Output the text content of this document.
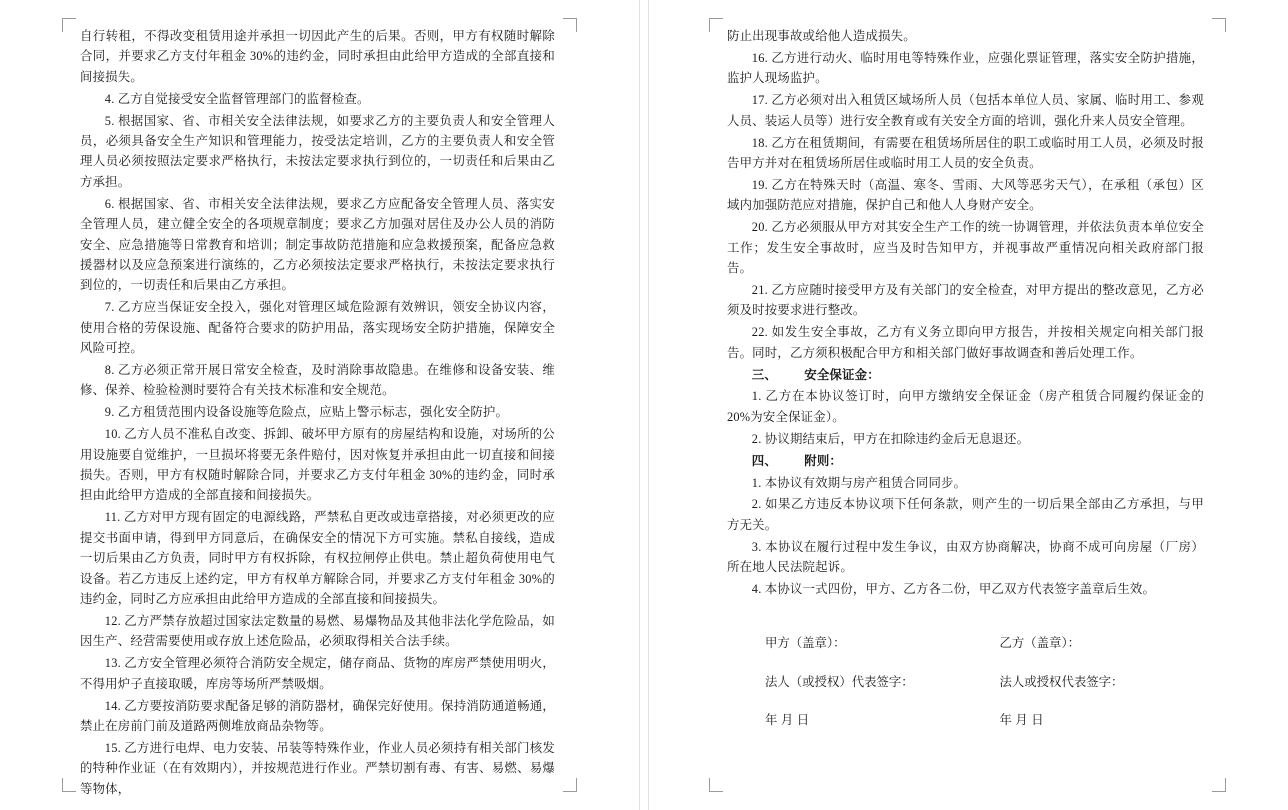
自行转租，不得改变租赁用途并承担一切因此产生的后果。否则，甲方有权随时解除合同，并要求乙方支付年租金 30%的违约金，同时承担由此给甲方造成的全部直接和间接损失。

4. 乙方自觉接受安全监督管理部门的监督检查。

5. 根据国家、省、市相关安全法律法规，如要求乙方的主要负责人和安全管理人员，必须具备安全生产知识和管理能力，按受法定培训，乙方的主要负责人和安全管理人员必须按照法定要求严格执行，未按法定要求执行到位的，一切责任和后果由乙方承担。

6. 根据国家、省、市相关安全法律法规，要求乙方应配备安全管理人员、落实安全管理人员，建立健全安全的各项规章制度；要求乙方加强对居住及办公人员的消防安全、应急措施等日常教育和培训；制定事故防范措施和应急救援预案，配备应急救援器材以及应急预案进行演练的，乙方必须按法定要求严格执行，未按法定要求执行到位的，一切责任和后果由乙方承担。

7. 乙方应当保证安全投入，强化对管理区域危险源有效辨识，领安全协议内容，使用合格的劳保设施、配备符合要求的防护用品，落实现场安全防护措施，保障安全风险可控。

8. 乙方必须正常开展日常安全检查，及时消除事故隐患。在维修和设备安装、维修、保养、检验检测时要符合有关技术标准和安全规范。

9. 乙方租赁范围内设备设施等危险点，应贴上警示标志，强化安全防护。

10. 乙方人员不准私自改变、拆卸、破坏甲方原有的房屋结构和设施，对场所的公用设施要自觉维护，一旦损坏将要无条件赔付，因对恢复并承担由此一切直接和间接损失。否则，甲方有权随时解除合同，并要求乙方支付年租金 30%的违约金，同时承担由此给甲方造成的全部直接和间接损失。

11. 乙方对甲方现有固定的电源线路，严禁私自更改或违章搭接，对必须更改的应提交书面申请，得到甲方同意后，在确保安全的情况下方可实施。禁私自接线，造成一切后果由乙方负责，同时甲方有权拆除，有权拉闸停止供电。禁止超负荷使用电气设备。若乙方违反上述约定，甲方有权单方解除合同，并要求乙方支付年租金 30%的违约金，同时乙方应承担由此给甲方造成的全部直接和间接损失。

12. 乙方严禁存放超过国家法定数量的易燃、易爆物品及其他非法化学危险品，如因生产、经营需要使用或存放上述危险品，必须取得相关合法手续。

13. 乙方安全管理必须符合消防安全规定，储存商品、货物的库房严禁使用明火，不得用炉子直接取暖，库房等场所严禁吸烟。

14. 乙方要按消防要求配备足够的消防器材，确保完好使用。保持消防通道畅通，禁止在房前门前及道路两侧堆放商品杂物等。

15. 乙方进行电焊、电力安装、吊装等特殊作业，作业人员必须持有相关部门核发的特种作业证（在有效期内），并按规范进行作业。严禁切割有毒、有害、易燃、易爆等物体，

防止出现事故或给他人造成损失。

16. 乙方进行动火、临时用电等特殊作业，应强化票证管理，落实安全防护措施，监护人现场监护。

17. 乙方必须对出入租赁区域场所人员（包括本单位人员、家属、临时用工、参观人员、装运人员等）进行安全教育或有关安全方面的培训，强化升来人员安全管理。

18. 乙方在租赁期间，有需要在租赁场所居住的职工或临时用工人员，必须及时报告甲方并对在租赁场所居住或临时用工人员的安全负责。

19. 乙方在特殊天时（高温、寒冬、雪雨、大风等恶劣天气），在承租（承包）区域内加强防范应对措施，保护自己和他人人身财产安全。

20. 乙方必须服从甲方对其安全生产工作的统一协调管理，并依法负责本单位安全工作；发生安全事故时，应当及时告知甲方，并视事故严重情况向相关政府部门报告。

21. 乙方应随时接受甲方及有关部门的安全检查，对甲方提出的整改意见，乙方必须及时按要求进行整改。

22. 如发生安全事故，乙方有义务立即向甲方报告，并按相关规定向相关部门报告。同时，乙方须积极配合甲方和相关部门做好事故调查和善后处理工作。

三、 安全保证金：

1. 乙方在本协议签订时，向甲方缴纳安全保证金（房产租赁合同履约保证金的 20%为安全保证金）。

2. 协议期结束后，甲方在扣除违约金后无息退还。

四、 附则：

1. 本协议有效期与房产租赁合同同步。

2. 如果乙方违反本协议项下任何条款，则产生的一切后果全部由乙方承担，与甲方无关。

3. 本协议在履行过程中发生争议，由双方协商解决，协商不成可向房屋（厂房）所在地人民法院起诉。

4. 本协议一式四份，甲方、乙方各二份，甲乙双方代表签字盖章后生效。

甲方（盖章）：	乙方（盖章）：
法人（或授权）代表签字：	法人或授权代表签字：
年 月 日	年 月 日
